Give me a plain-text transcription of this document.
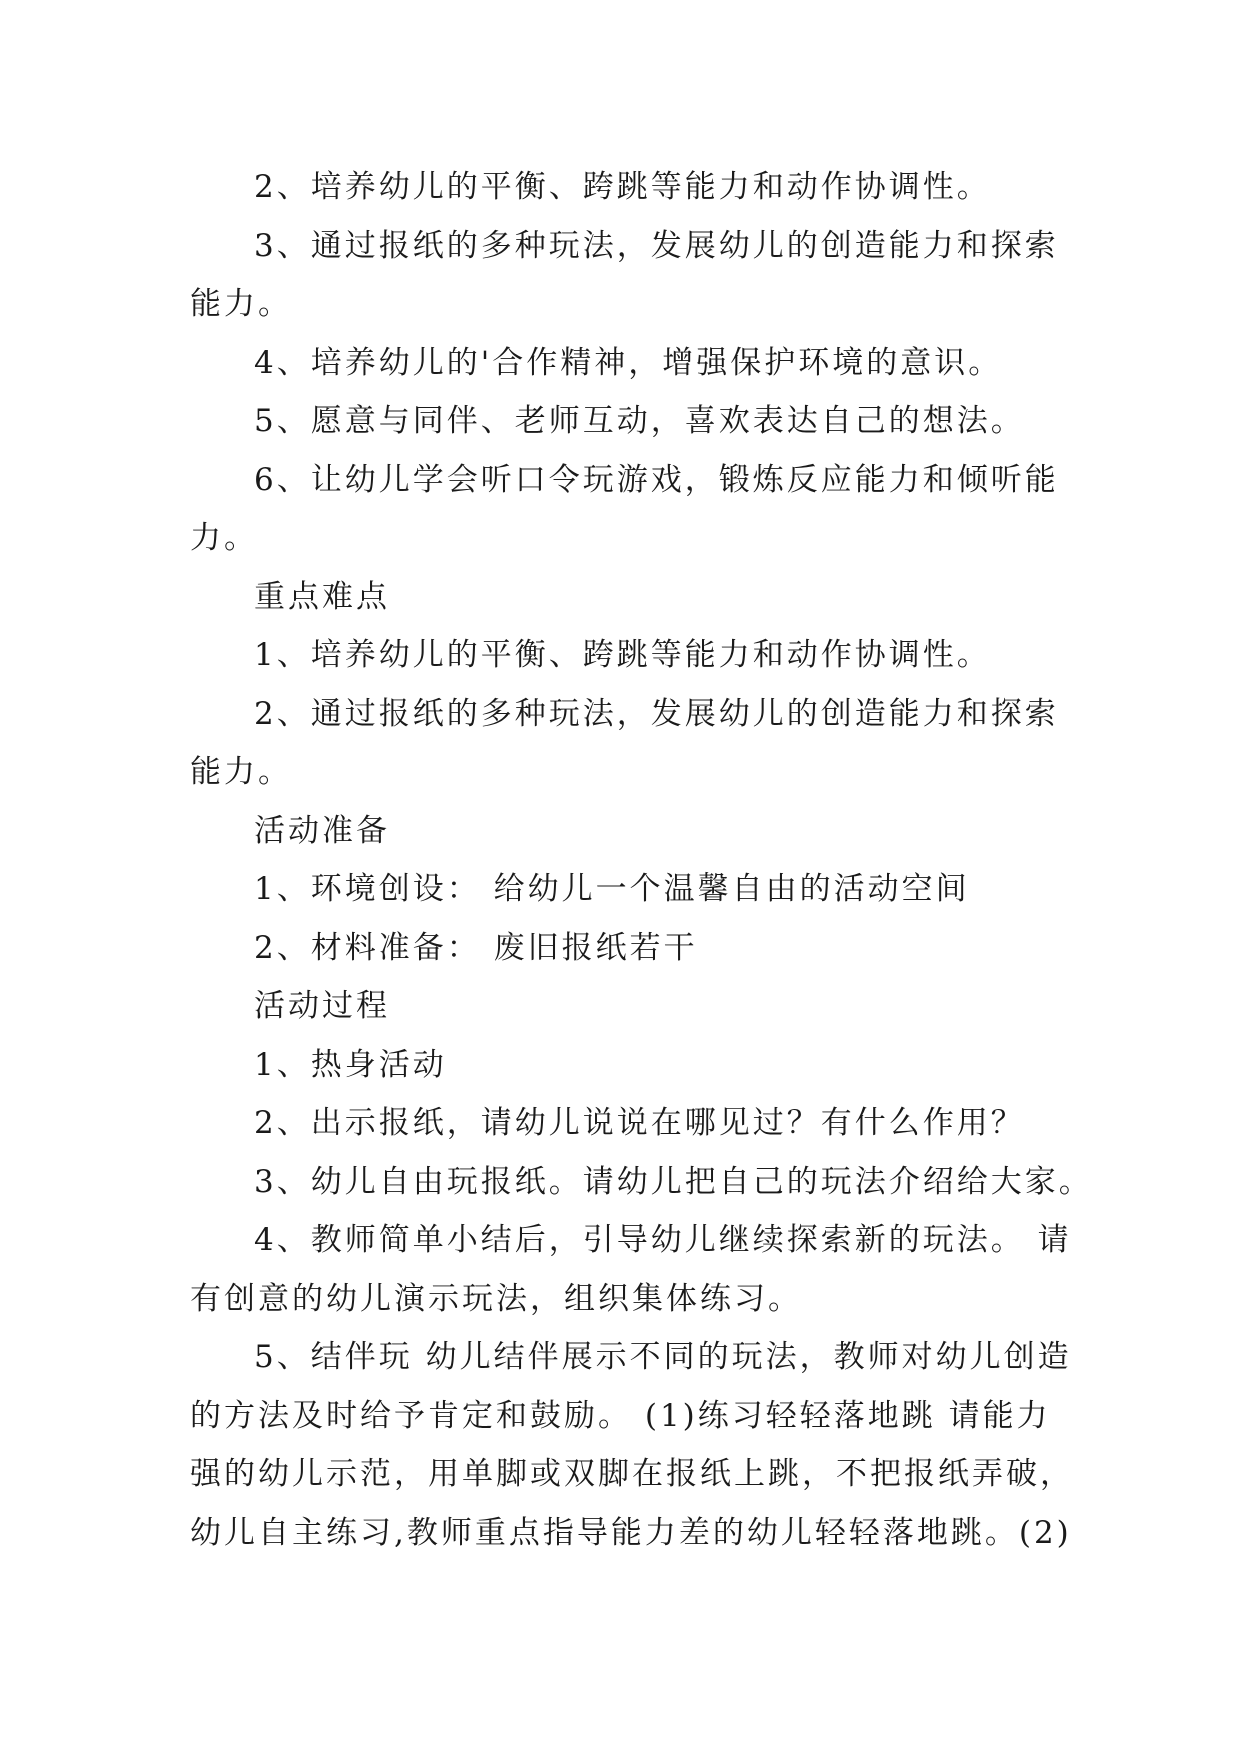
2、培养幼儿的平衡、跨跳等能力和动作协调性。
3、通过报纸的多种玩法，发展幼儿的创造能力和探索
能力。
4、培养幼儿的'合作精神，增强保护环境的意识。
5、愿意与同伴、老师互动，喜欢表达自己的想法。
6、让幼儿学会听口令玩游戏，锻炼反应能力和倾听能
力。
重点难点
1、培养幼儿的平衡、跨跳等能力和动作协调性。
2、通过报纸的多种玩法，发展幼儿的创造能力和探索
能力。
活动准备
1、环境创设： 给幼儿一个温馨自由的活动空间
2、材料准备： 废旧报纸若干
活动过程
1、热身活动
2、出示报纸，请幼儿说说在哪见过？有什么作用？
3、幼儿自由玩报纸。请幼儿把自己的玩法介绍给大家。
4、教师简单小结后，引导幼儿继续探索新的玩法。 请
有创意的幼儿演示玩法，组织集体练习。
5、结伴玩 幼儿结伴展示不同的玩法，教师对幼儿创造
的方法及时给予肯定和鼓励。 (1)练习轻轻落地跳 请能力
强的幼儿示范，用单脚或双脚在报纸上跳，不把报纸弄破，
幼儿自主练习,教师重点指导能力差的幼儿轻轻落地跳。(2)
